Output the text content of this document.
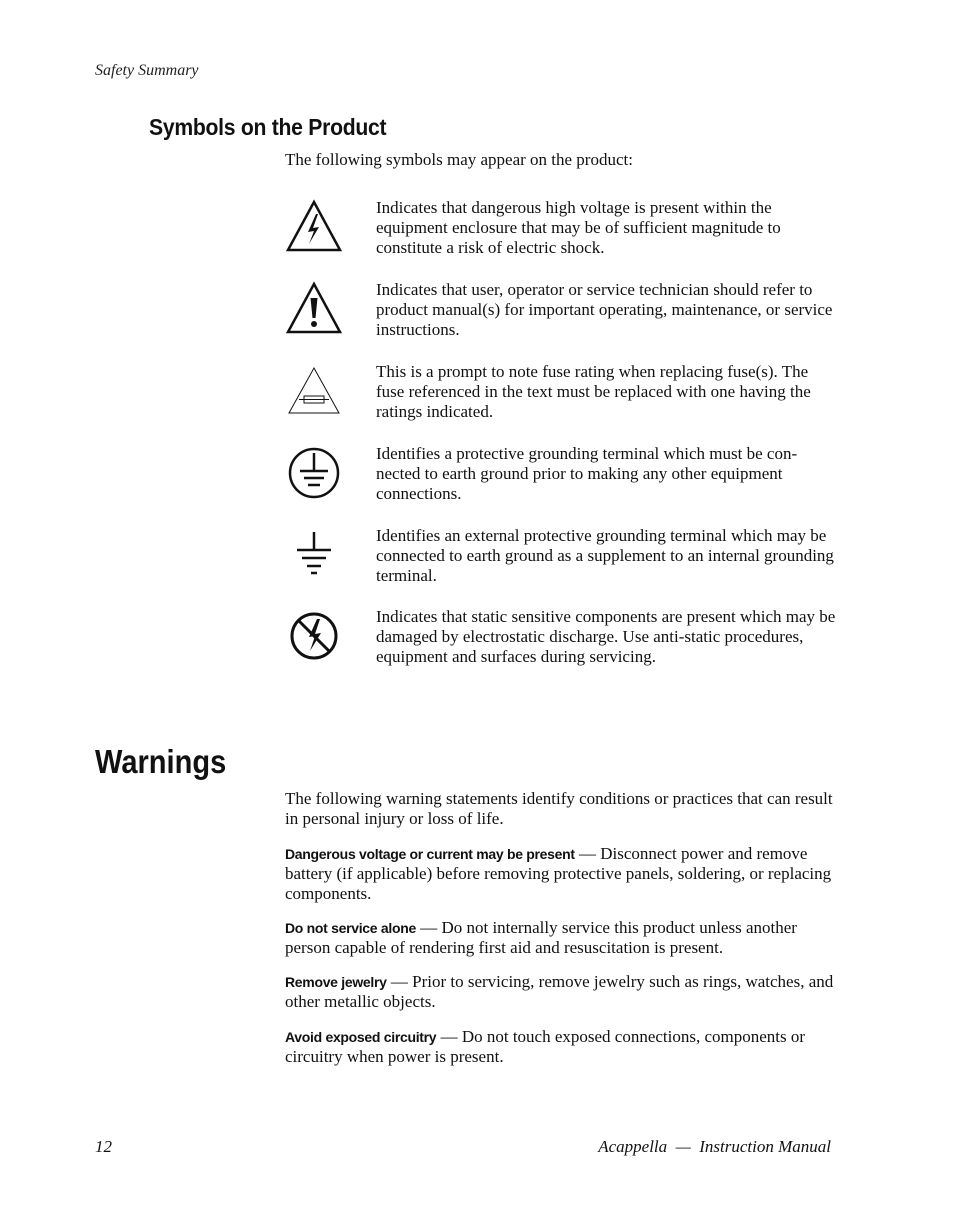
Safety Summary
Symbols on the Product
The following symbols may appear on the product:
Indicates that dangerous high voltage is present within the equipment enclosure that may be of sufficient magnitude to constitute a risk of electric shock.
Indicates that user, operator or service technician should refer to product manual(s) for important operating, maintenance, or service instructions.
This is a prompt to note fuse rating when replacing fuse(s). The fuse referenced in the text must be replaced with one having the ratings indicated.
Identifies a protective grounding terminal which must be con-nected to earth ground prior to making any other equipment connections.
Identifies an external protective grounding terminal which may be connected to earth ground as a supplement to an internal grounding terminal.
Indicates that static sensitive components are present which may be damaged by electrostatic discharge. Use anti-static procedures, equipment and surfaces during servicing.
Warnings
The following warning statements identify conditions or practices that can result in personal injury or loss of life.
Dangerous voltage or current may be present — Disconnect power and remove battery (if applicable) before removing protective panels, soldering, or replacing components.
Do not service alone — Do not internally service this product unless another person capable of rendering first aid and resuscitation is present.
Remove jewelry — Prior to servicing, remove jewelry such as rings, watches, and other metallic objects.
Avoid exposed circuitry — Do not touch exposed connections, components or circuitry when power is present.
12	Acappella  —  Instruction Manual
